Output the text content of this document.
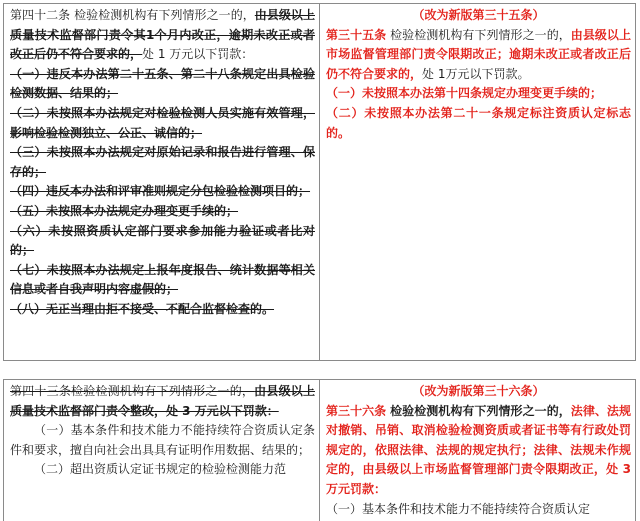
第四十二条 检验检测机构有下列情形之一的，由县级以上质量技术监督部门责令其1个月内改正，逾期未改正或者改正后仍不符合要求的，处 1 万元以下罚款：

（一）违反本办法第二十五条、第二十八条规定出具检验检测数据、结果的；

（二）未按照本办法规定对检验检测人员实施有效管理，影响检验检测独立、公正、诚信的；

（三）未按照本办法规定对原始记录和报告进行管理、保存的；

（四）违反本办法和评审准则规定分包检验检测项目的；

（五）未按照本办法规定办理变更手续的；

（六）未按照资质认定部门要求参加能力验证或者比对的；

（七）未按照本办法规定上报年度报告、统计数据等相关信息或者自我声明内容虚假的；

（八）无正当理由拒不接受、不配合监督检查的。

（改为新版第三十五条）

第三十五条 检验检测机构有下列情形之一的，由县级以上市场监督管理部门责令限期改正；逾期未改正或者改正后仍不符合要求的，处 1万元以下罚款。

（一）未按照本办法第十四条规定办理变更手续的；

（二）未按照本办法第二十一条规定标注资质认定标志的。

第四十三条检验检测机构有下列情形之一的，由县级以上质量技术监督部门责令整改，处 3 万元以下罚款：

（一）基本条件和技术能力不能持续符合资质认定条件和要求，擅自向社会出具具有证明作用数据、结果的；

（二）超出资质认定证书规定的检验检测能力范

（改为新版第三十六条）

第三十六条 检验检测机构有下列情形之一的，法律、法规对撤销、吊销、取消检验检测资质或者证书等有行政处罚规定的，依照法律、法规的规定执行；法律、法规未作规定的，由县级以上市场监督管理部门责令限期改正，处 3万元罚款：

（一）基本条件和技术能力不能持续符合资质认定
